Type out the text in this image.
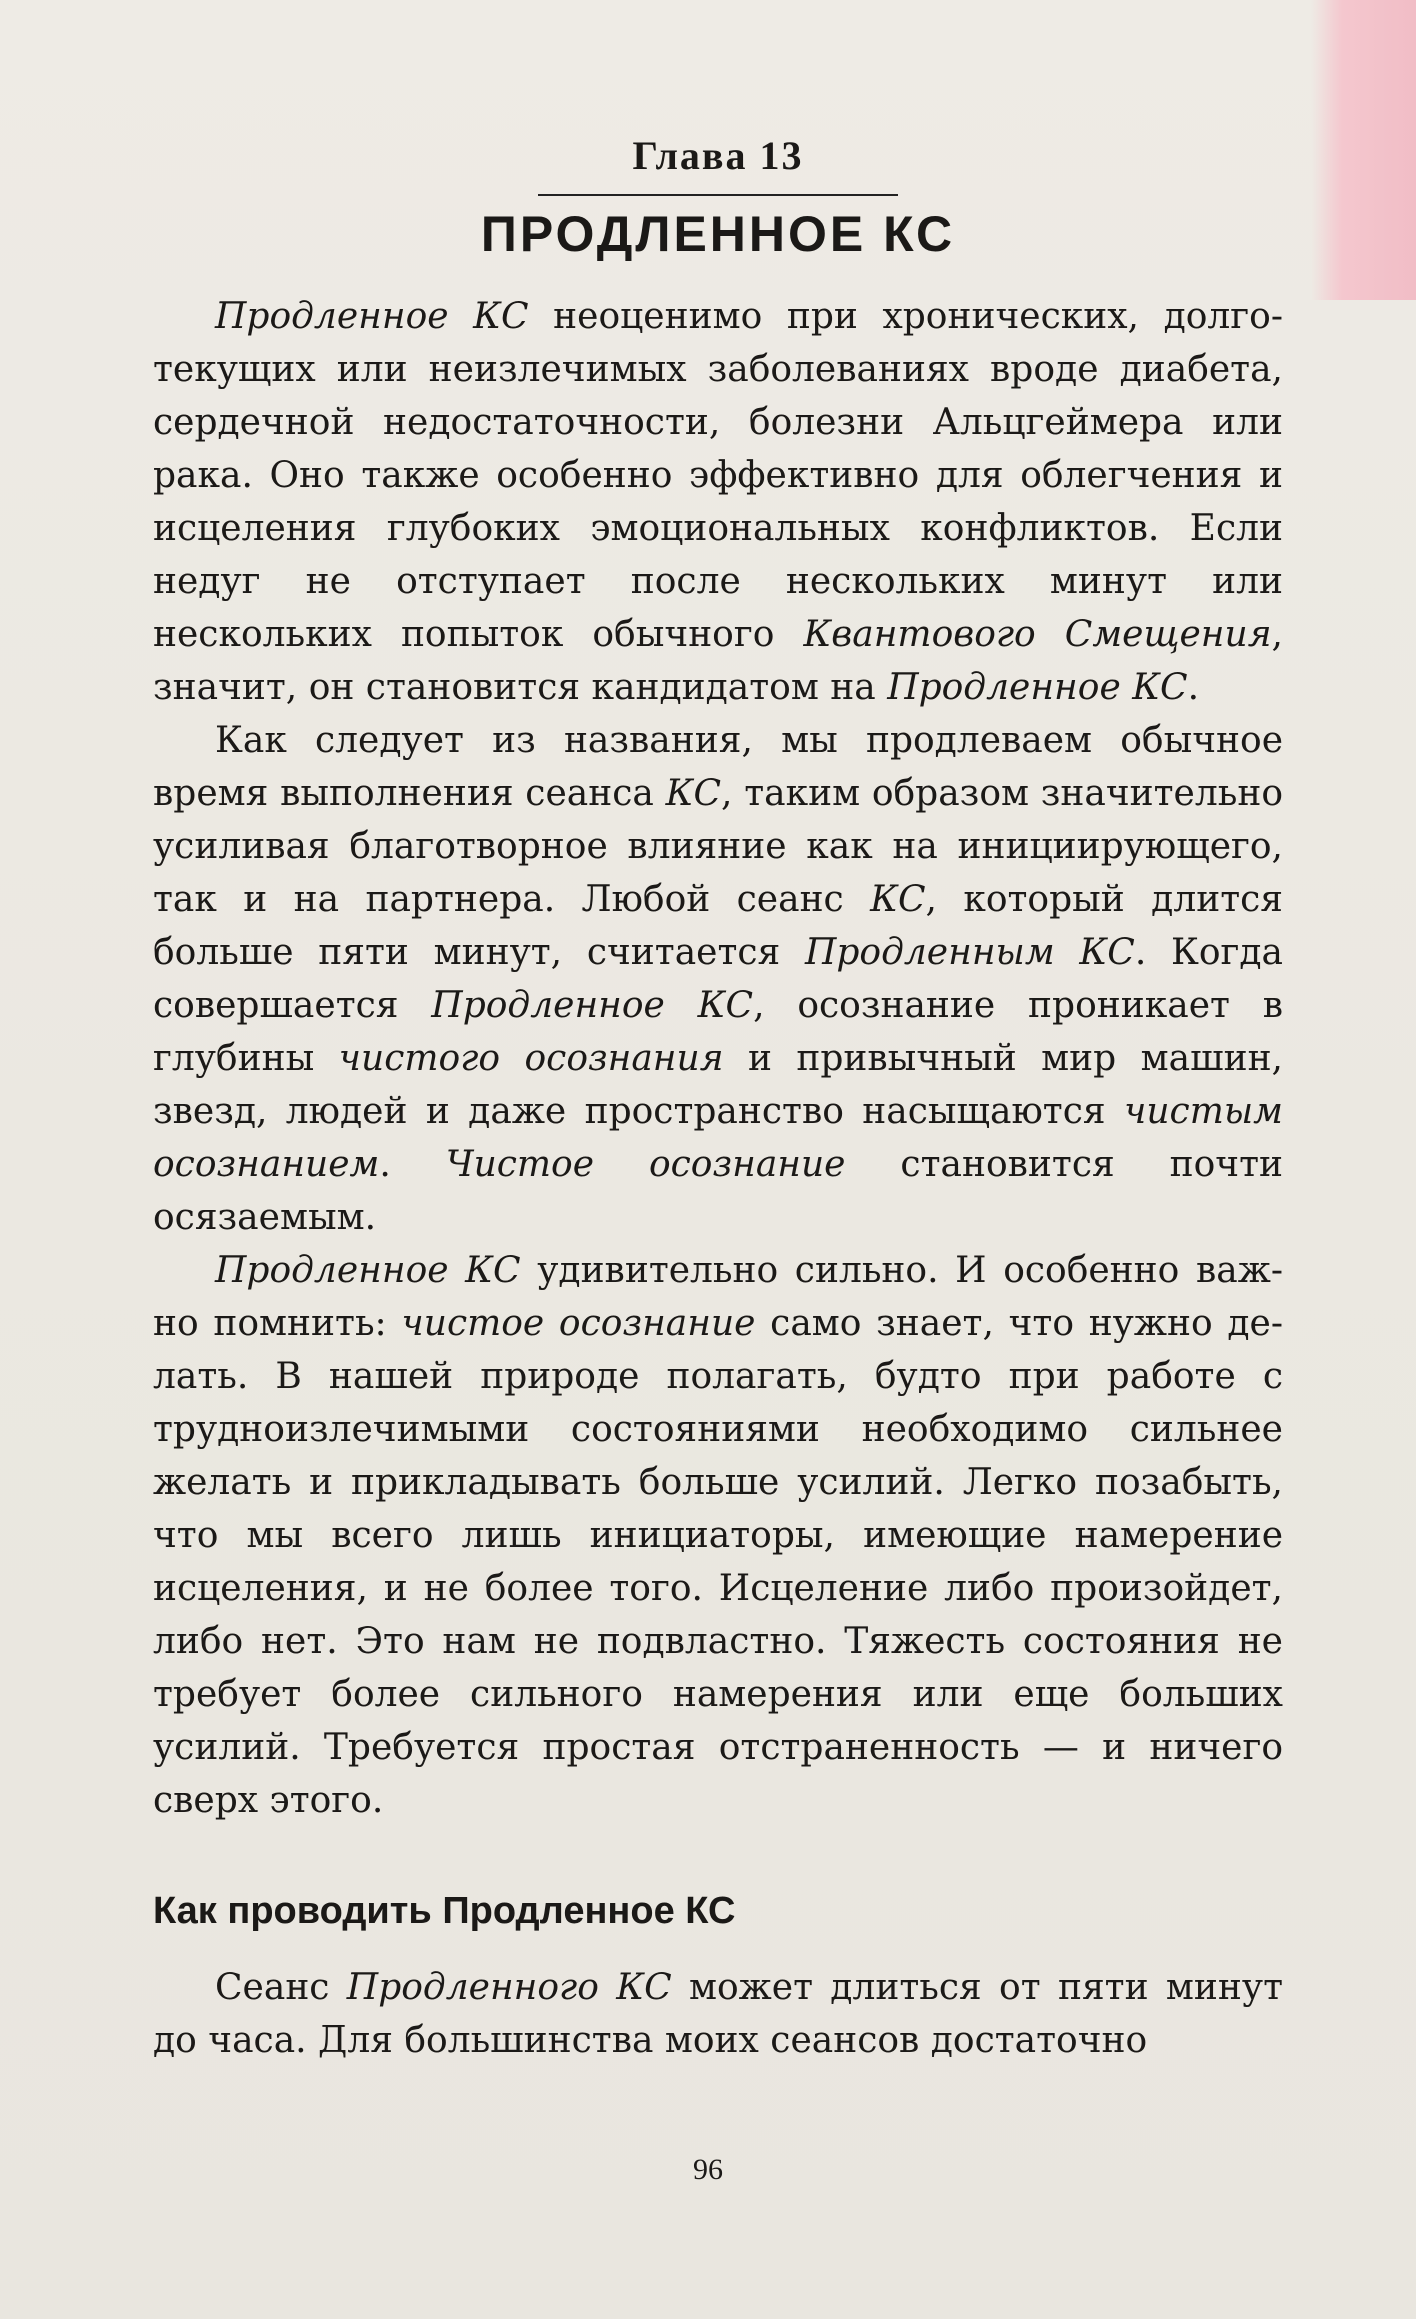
Глава 13
ПРОДЛЕННОЕ КС

Продленное КС неоценимо при хронических, долготекущих или неизлечимых заболеваниях вроде диабета, сердечной недостаточности, болезни Альцгеймера или рака. Оно также особенно эффективно для облегчения и исцеления глубоких эмоциональных конфликтов. Если недуг не отступает после нескольких минут или нескольких попыток обычного Квантового Смещения, значит, он становится кандидатом на Продленное КС.

Как следует из названия, мы продлеваем обычное время выполнения сеанса КС, таким образом значительно усиливая благотворное влияние как на инициирующего, так и на партнера. Любой сеанс КС, который длится больше пяти минут, считается Продленным КС. Когда совершается Продленное КС, осознание проникает в глубины чистого осознания и привычный мир машин, звезд, людей и даже пространство насыщаются чистым осознанием. Чистое осознание становится почти осязаемым.

Продленное КС удивительно сильно. И особенно важно помнить: чистое осознание само знает, что нужно делать. В нашей природе полагать, будто при работе с трудноизлечимыми состояниями необходимо сильнее желать и прикладывать больше усилий. Легко позабыть, что мы всего лишь инициаторы, имеющие намерение исцеления, и не более того. Исцеление либо произойдет, либо нет. Это нам не подвластно. Тяжесть состояния не требует более сильного намерения или еще больших усилий. Требуется простая отстраненность — и ничего сверх этого.

Как проводить Продленное КС

Сеанс Продленного КС может длиться от пяти минут до часа. Для большинства моих сеансов достаточно

96
